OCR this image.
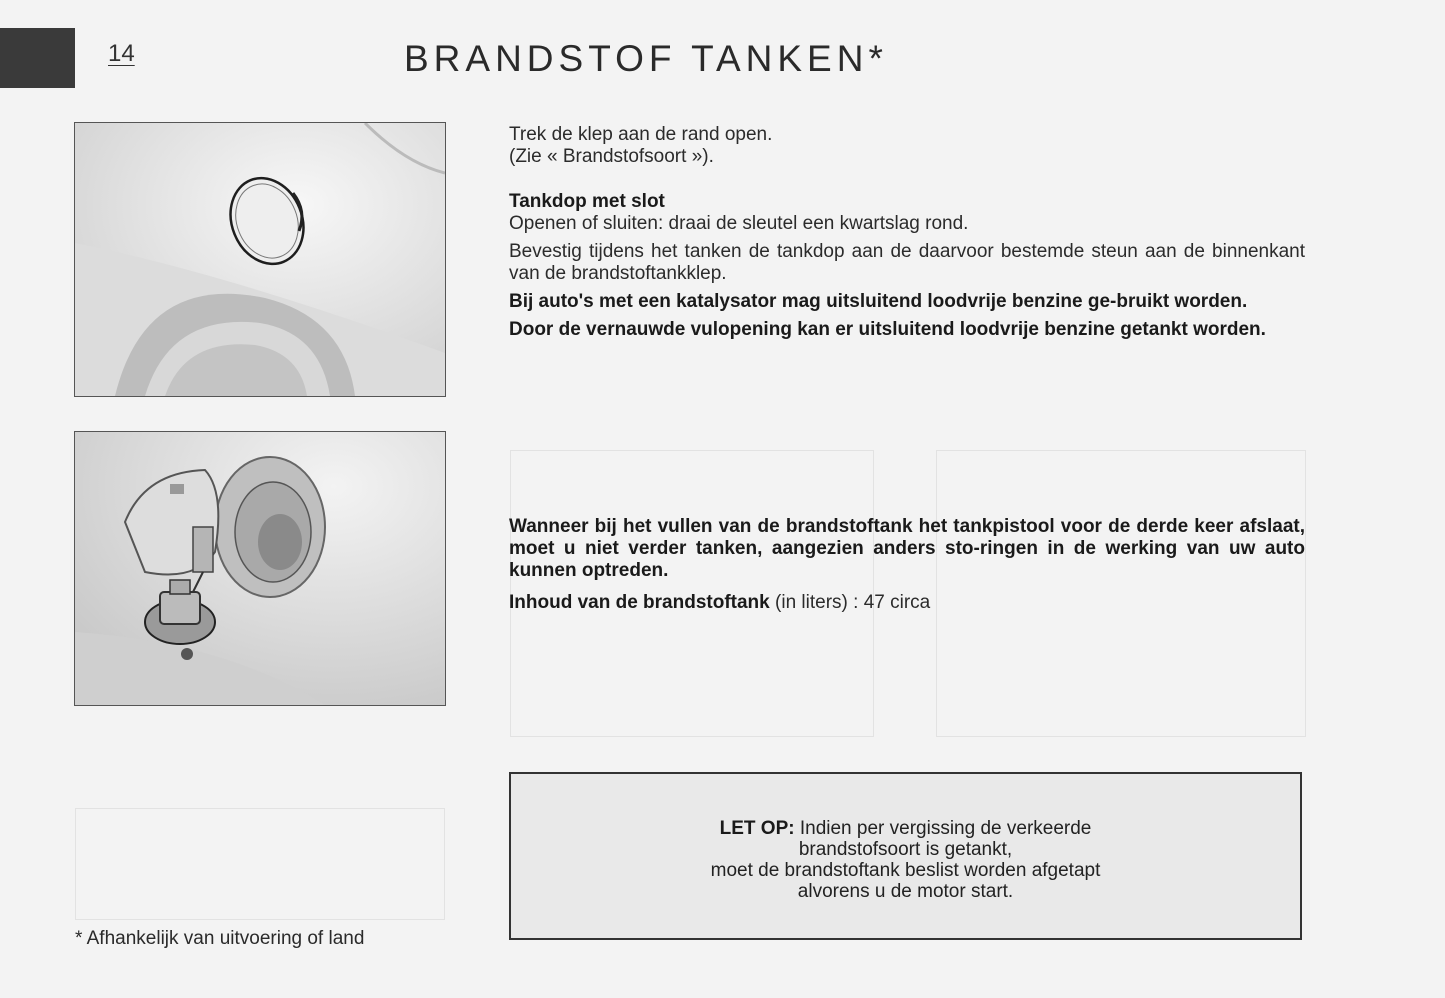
14	BRANDSTOF TANKEN*

Trek de klep aan de rand open.

(Zie « Brandstofsoort »).

Tankdop met slot

Openen of sluiten: draai de sleutel een kwartslag rond.

Bevestig tijdens het tanken de tankdop aan de daarvoor bestemde steun aan de binnenkant van de brandstoftankklep.

Bij auto's met een katalysator mag uitsluitend loodvrije benzine ge-bruikt worden.

Door de vernauwde vulopening kan er uitsluitend loodvrije benzine getankt worden.

Wanneer bij het vullen van de brandstoftank het tankpistool voor de derde keer afslaat, moet u niet verder tanken, aangezien anders sto-ringen in de werking van uw auto kunnen optreden.

Inhoud van de brandstoftank (in liters) : 47 circa

LET OP: Indien per vergissing de verkeerde
brandstofsoort is getankt,
moet de brandstoftank beslist worden afgetapt
alvorens u de motor start.
* Afhankelijk van uitvoering of land
